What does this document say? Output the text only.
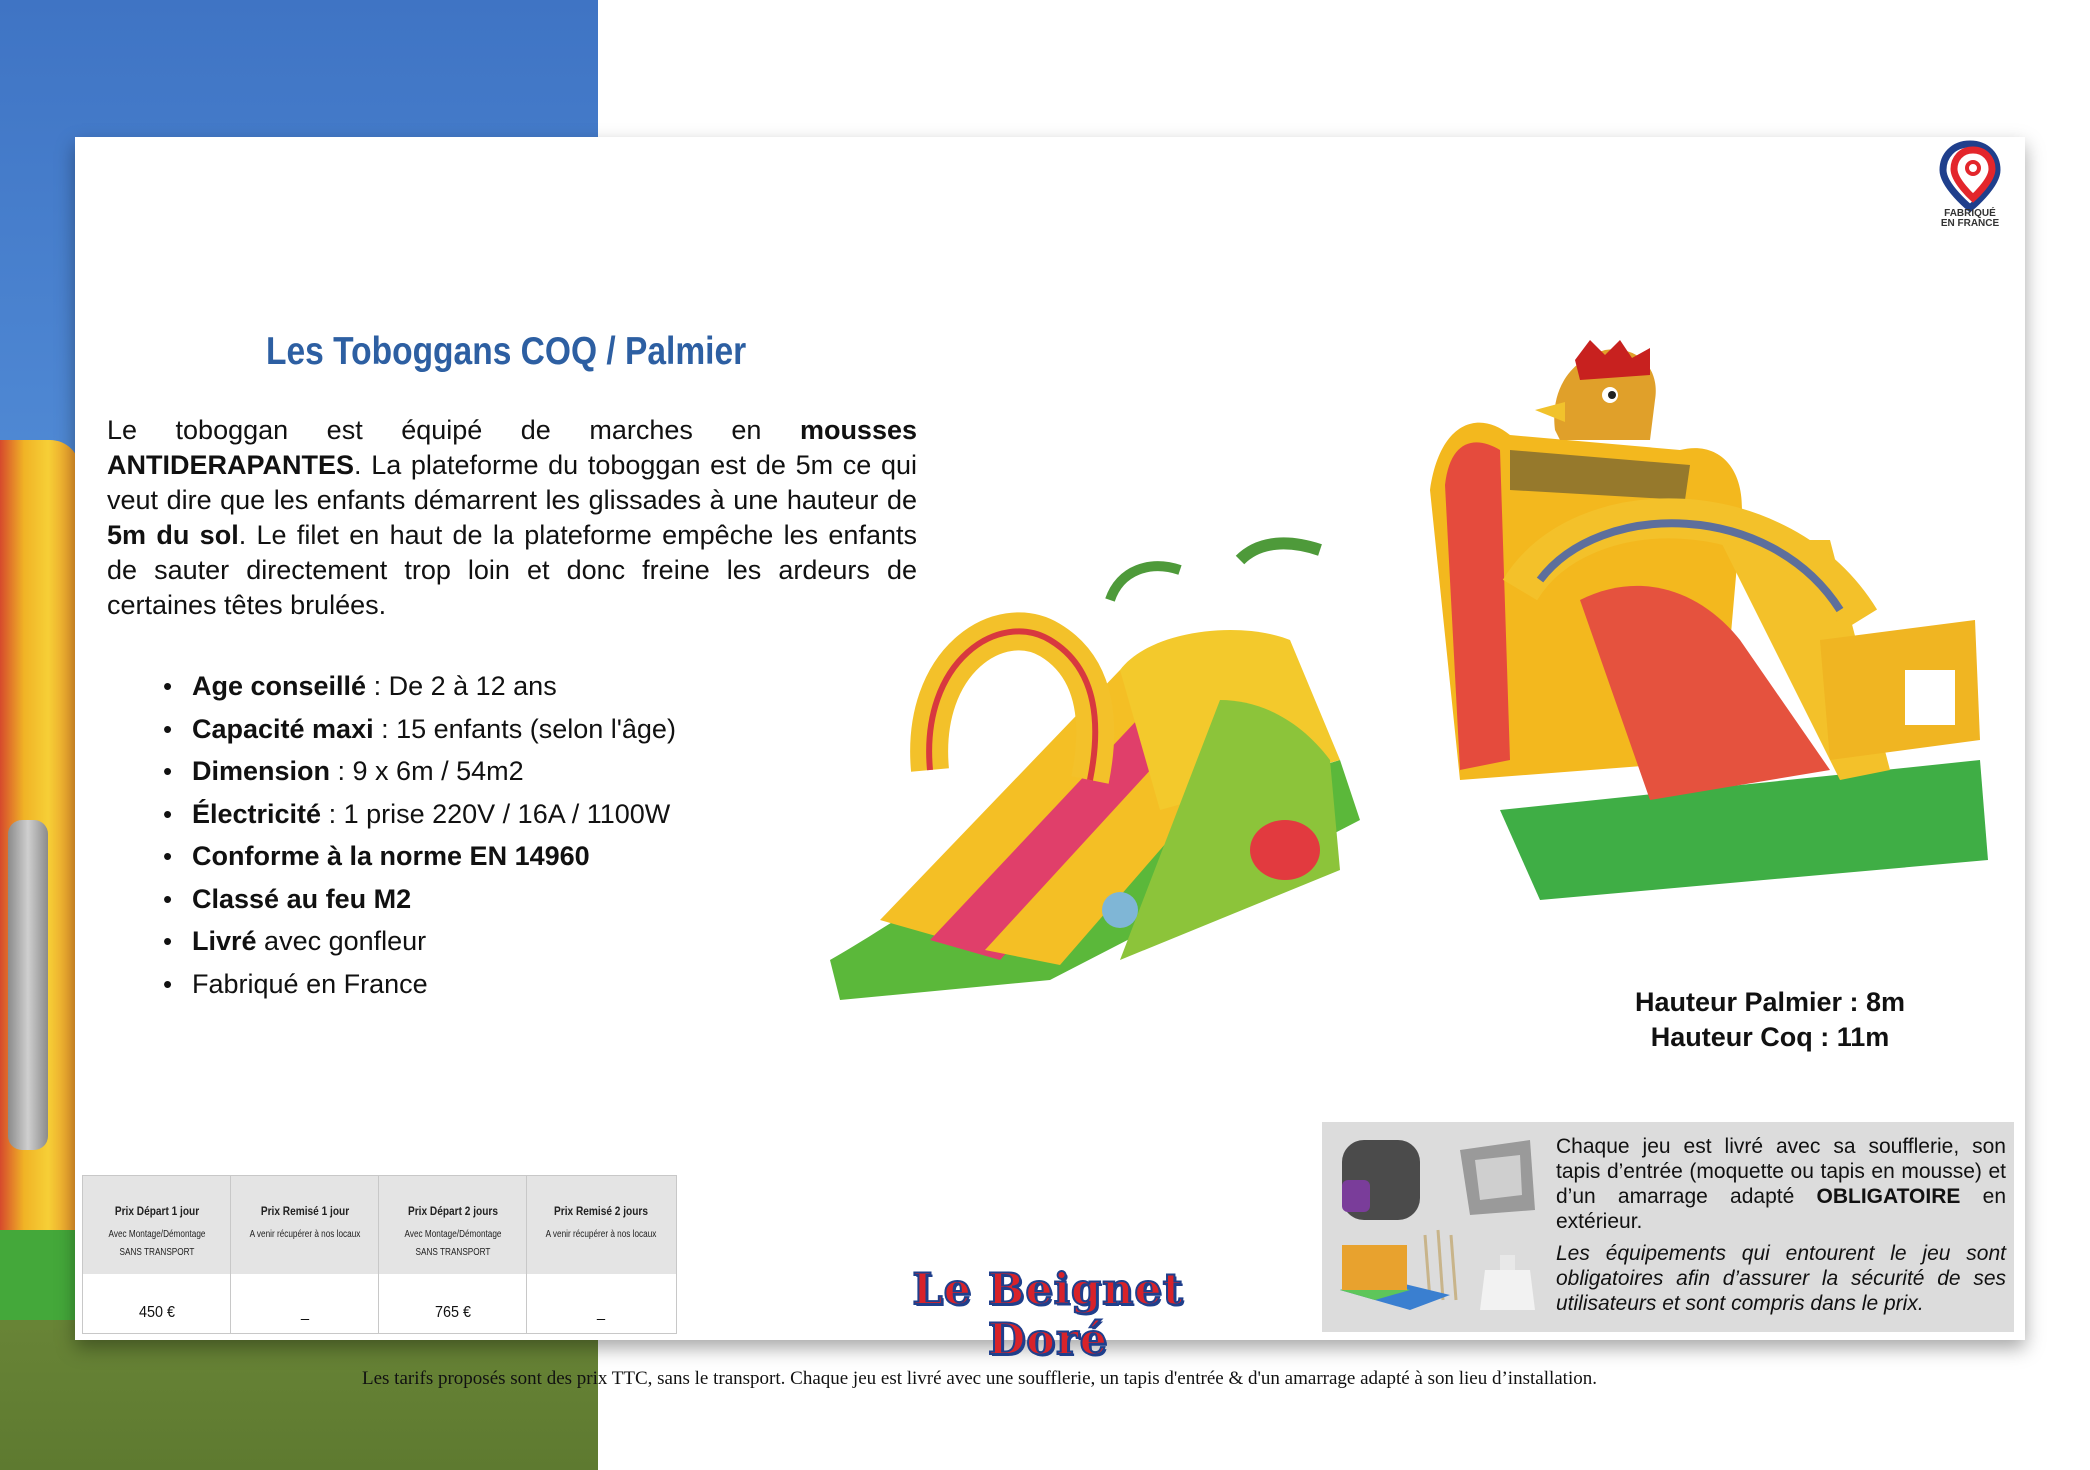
FABRIQUÉ
EN FRANCE
Les Toboggans COQ / Palmier
Le toboggan est équipé de marches en mousses ANTIDERAPANTES. La plateforme du toboggan est de 5m ce qui veut dire que les enfants démarrent les glissades à une hauteur de 5m du sol. Le filet en haut de la plateforme empêche les enfants de sauter directement trop loin et donc freine les ardeurs de certaines têtes brulées.
• Age conseillé : De 2 à 12 ans
• Capacité maxi : 15 enfants (selon l'âge)
• Dimension : 9 x 6m / 54m2
• Électricité : 1 prise 220V / 16A / 1100W
• Conforme à la norme EN 14960
• Classé au feu M2
• Livré avec gonfleur
• Fabriqué en France
Hauteur Palmier : 8m
Hauteur Coq : 11m
Prix Départ 1 jour
Avec Montage/Démontage
SANS TRANSPORT
450 €
Prix Remisé 1 jour
A venir récupérer à nos locaux
_
Prix Départ 2 jours
Avec Montage/Démontage
SANS TRANSPORT
765 €
Prix Remisé 2 jours
A venir récupérer à nos locaux
_	Le Beignet Doré
Chaque jeu est livré avec sa soufflerie, son tapis d’entrée (moquette ou tapis en mousse) et d’un amarrage adapté OBLIGATOIRE en extérieur.
Les équipements qui entourent le jeu sont obligatoires afin d’assurer la sécurité de ses utilisateurs et sont compris dans le prix.
Les tarifs proposés sont des prix TTC, sans le transport. Chaque jeu est livré avec une soufflerie, un tapis d'entrée & d'un amarrage adapté à son lieu d’installation.
